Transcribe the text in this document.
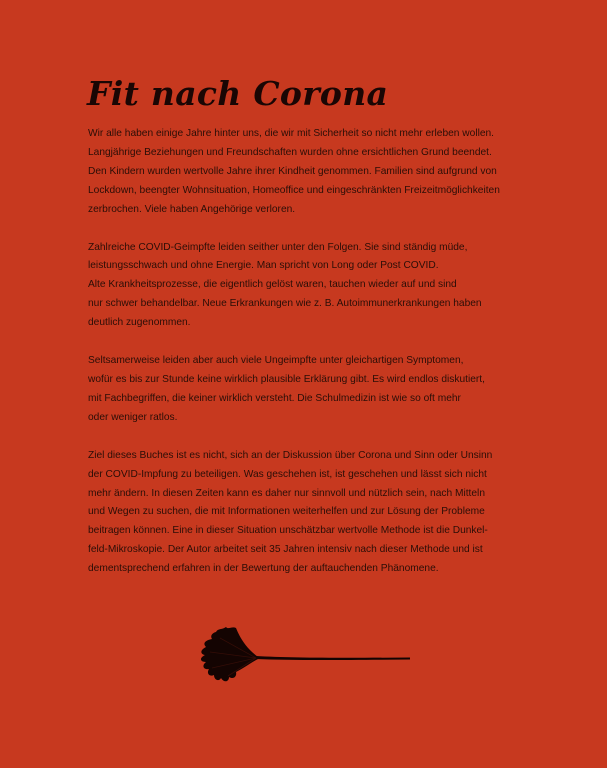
Fit nach Corona

Wir alle haben einige Jahre hinter uns, die wir mit Sicherheit so nicht mehr erleben wollen.
Langjährige Beziehungen und Freundschaften wurden ohne ersichtlichen Grund beendet.
Den Kindern wurden wertvolle Jahre ihrer Kindheit genommen. Familien sind aufgrund von
Lockdown, beengter Wohnsituation, Homeoffice und eingeschränkten Freizeitmöglichkeiten
zerbrochen. Viele haben Angehörige verloren.

Zahlreiche COVID-Geimpfte leiden seither unter den Folgen. Sie sind ständig müde,
leistungsschwach und ohne Energie. Man spricht von Long oder Post COVID.
Alte Krankheitsprozesse, die eigentlich gelöst waren, tauchen wieder auf und sind
nur schwer behandelbar. Neue Erkrankungen wie z. B. Autoimmunerkrankungen haben
deutlich zugenommen.

Seltsamerweise leiden aber auch viele Ungeimpfte unter gleichartigen Symptomen,
wofür es bis zur Stunde keine wirklich plausible Erklärung gibt. Es wird endlos diskutiert,
mit Fachbegriffen, die keiner wirklich versteht. Die Schulmedizin ist wie so oft mehr
oder weniger ratlos.

Ziel dieses Buches ist es nicht, sich an der Diskussion über Corona und Sinn oder Unsinn
der COVID-Impfung zu beteiligen. Was geschehen ist, ist geschehen und lässt sich nicht
mehr ändern. In diesen Zeiten kann es daher nur sinnvoll und nützlich sein, nach Mitteln
und Wegen zu suchen, die mit Informationen weiterhelfen und zur Lösung der Probleme
beitragen können. Eine in dieser Situation unschätzbar wertvolle Methode ist die Dunkel-
feld-Mikroskopie. Der Autor arbeitet seit 35 Jahren intensiv nach dieser Methode und ist
dementsprechend erfahren in der Bewertung der auftauchenden Phänomene.
